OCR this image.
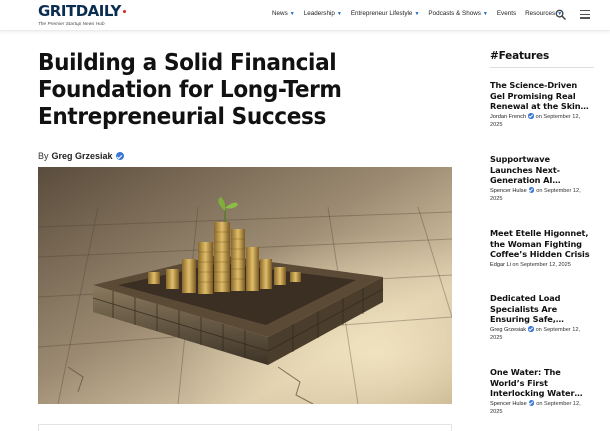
GRITDAILY
The Premier Startup News Hub
News ▼ Leadership ▼ Entrepreneur Lifestyle ▼ Podcasts & Shows ▼ Events Resources ▼
Building a Solid Financial Foundation for Long-Term Entrepreneurial Success
By Greg Grzesiak
#Features
The Science-Driven Gel Promising Real Renewal at the Skin…
Jordan French on September 12, 2025
Supportwave Launches Next-Generation AI…
Spencer Hulse on September 12, 2025
Meet Etelle Higonnet, the Woman Fighting Coffee’s Hidden Crisis
Edgar Li on September 12, 2025
Dedicated Load Specialists Are Ensuring Safe,…
Greg Grzesiak on September 12, 2025
One Water: The World’s First Interlocking Water…
Spencer Hulse on September 12, 2025
